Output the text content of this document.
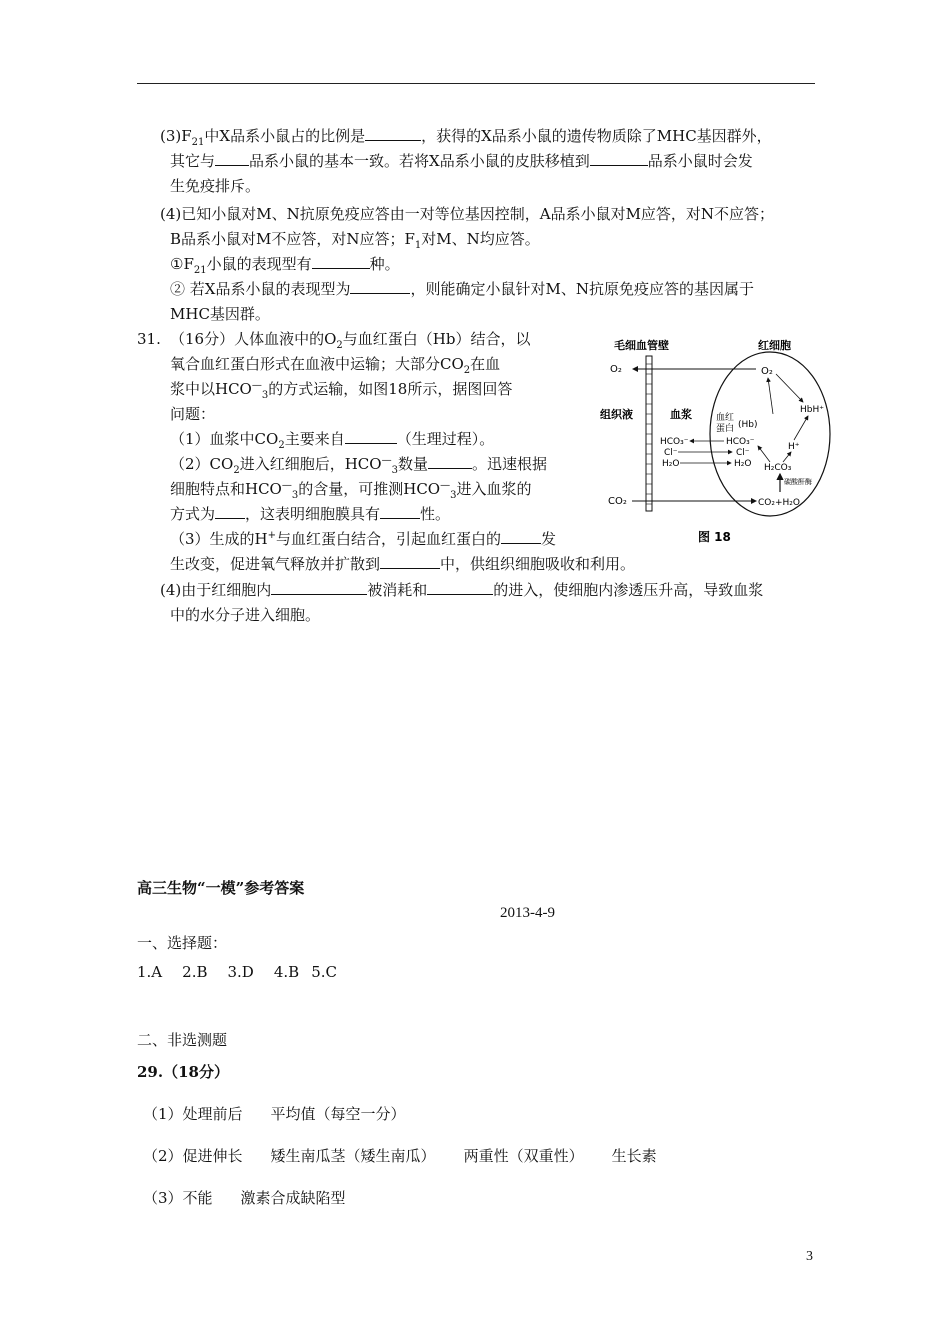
$(3)F_{21}$中X品系小鼠占的比例是	，获得的X品系小鼠的遗传物质除了MHC基因群外，
其它与 品系小鼠的基本一致。若将X品系小鼠的皮肤移植到	品系小鼠时会发
生免疫排斥。
(4)已知小鼠对M、N抗原免疫应答由一对等位基因控制，A品系小鼠对M应答，对N不应答；
B品系小鼠对M不应答，对N应答；$F_1$对M、N均应答。
$①F_{21}$小鼠的表现型有	种。
② 若X品系小鼠的表现型为	，则能确定小鼠针对M、N抗原免疫应答的基因属于
MHC基因群。
31. （16分）人体血液中的$O_2$与血红蛋白（Hb）结合，以
氧合血红蛋白形式在血液中运输；大部分$CO_2$在血
浆中以$HCO^—_3$的方式运输，如图18所示，据图回答
问题：
（1）血浆中$CO_2$主要来自	（生理过程）。
$(2)CO_2$进入红细胞后，$HCO^—_3$数量	。迅速根据
细胞特点和$HCO^—_3$的含量，可推测$HCO^—_3$进入血浆的
方式为 ，这表明细胞膜具有	性。
（3）生成的H+与血红蛋白结合，引起血红蛋白的	发
生改变，促进氧气释放并扩散到	中，供组织细胞吸收和利用。
(4)由于红细胞内	被消耗和	的进入，使细胞内渗透压升高，导致血浆
中的水分子进入细胞。
毛细血管壁	红细胞
组织液	血浆
O₂	O₂
HbH⁺
血红蛋白 (Hb)
H⁺
HCO₃⁻
Cl⁻
H₂O
HCO₃⁻
Cl⁻
H₂O H₂CO₃
碳酸酐酶
CO₂	CO₂+H₂O
图 18
高三生物“一模”参考答案
2013-4-9
一、选择题：
1.A 2.B 3.D 4.B 5.C
二、非选测题
29.（18分）
（1）处理前后 平均值（每空一分）
（2）促进伸长 矮生南瓜茎（矮生南瓜） 两重性（双重性） 生长素
（3）不能 激素合成缺陷型
3
